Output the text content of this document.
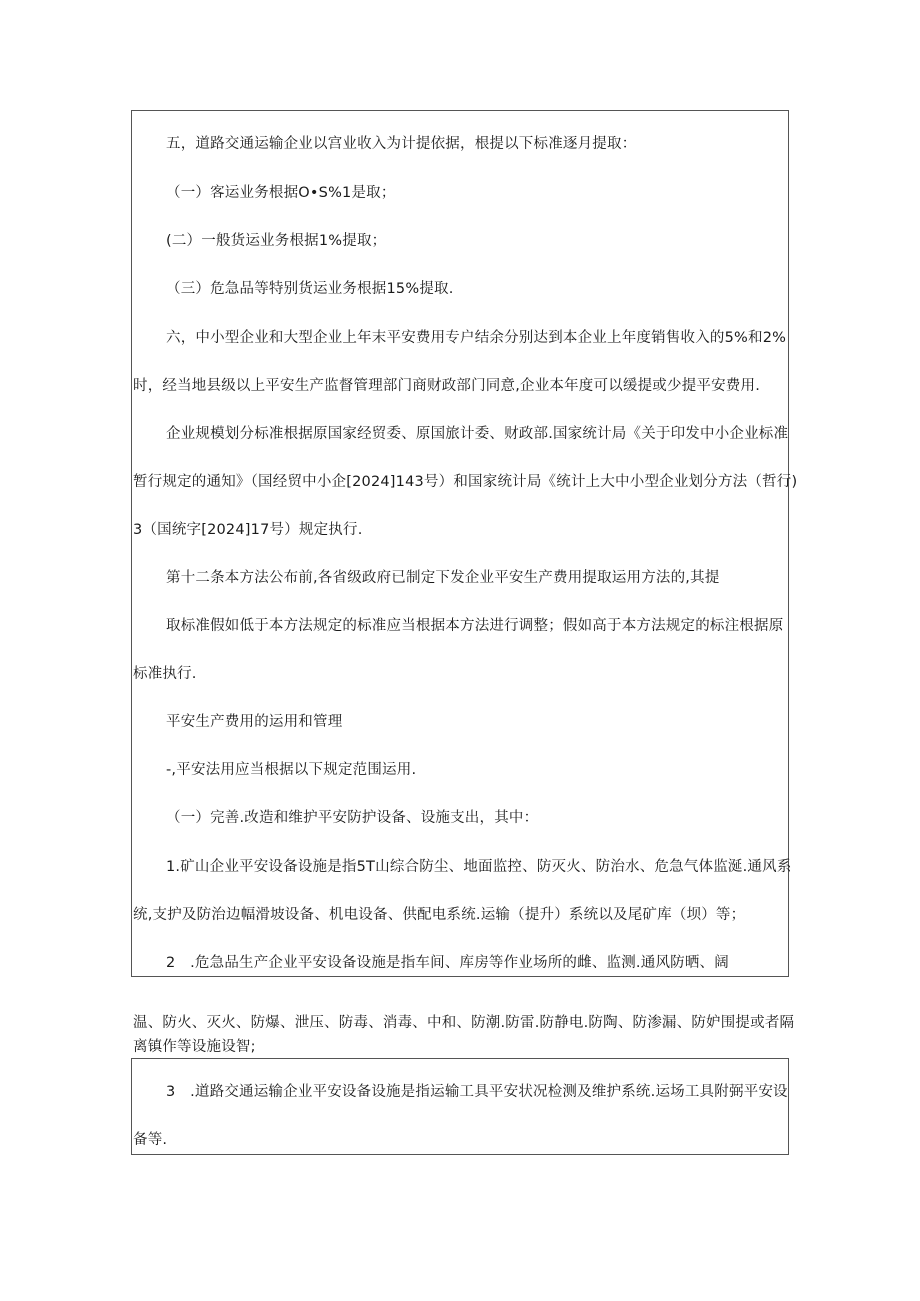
五，道路交通运输企业以宫业收入为计提依据，根提以下标准逐月提取：
（一）客运业务根据O•S%1是取；
(二）一般货运业务根据1%提取；
（三）危急品等特别货运业务根据15%提取.
六，中小型企业和大型企业上年末平安费用专户结余分别达到本企业上年度销售收入的5%和2%
时，经当地县级以上平安生产监督管理部门商财政部门同意,企业本年度可以缓提或少提平安费用.
企业规模划分标准根据原国家经贸委、原国旅计委、财政部.国家统计局《关于印发中小企业标准
暂行规定的通知》（国经贸中小企[2024]143号）和国家统计局《统计上大中小型企业划分方法（哲行)
3（国统字[2024]17号）规定执行.
第十二条本方法公布前,各省级政府已制定下发企业平安生产费用提取运用方法的,其提
取标准假如低于本方法规定的标准应当根据本方法进行调整；假如高于本方法规定的标注根据原
标准执行.
平安生产费用的运用和管理
-,平安法用应当根据以下规定范围运用.
（一）完善.改造和维护平安防护设备、设施支出，其中：
1.矿山企业平安设备设施是指5T山综合防尘、地面监控、防灭火、防治水、危急气体监涎.通风系
统,支护及防治边幅滑坡设备、机电设备、供配电系统.运输（提升）系统以及尾矿库（坝）等；
2　.危急品生产企业平安设备设施是指车间、库房等作业场所的雌、监测.通风防晒、阔
温、防火、灭火、防爆、泄压、防毒、消毒、中和、防潮.防雷.防静电.防陶、防渗漏、防妒围提或者隔
离镇作等设施设智;
3　.道路交通运输企业平安设备设施是指运输工具平安状况检测及维护系统.运场工具附弼平安设
备等.
